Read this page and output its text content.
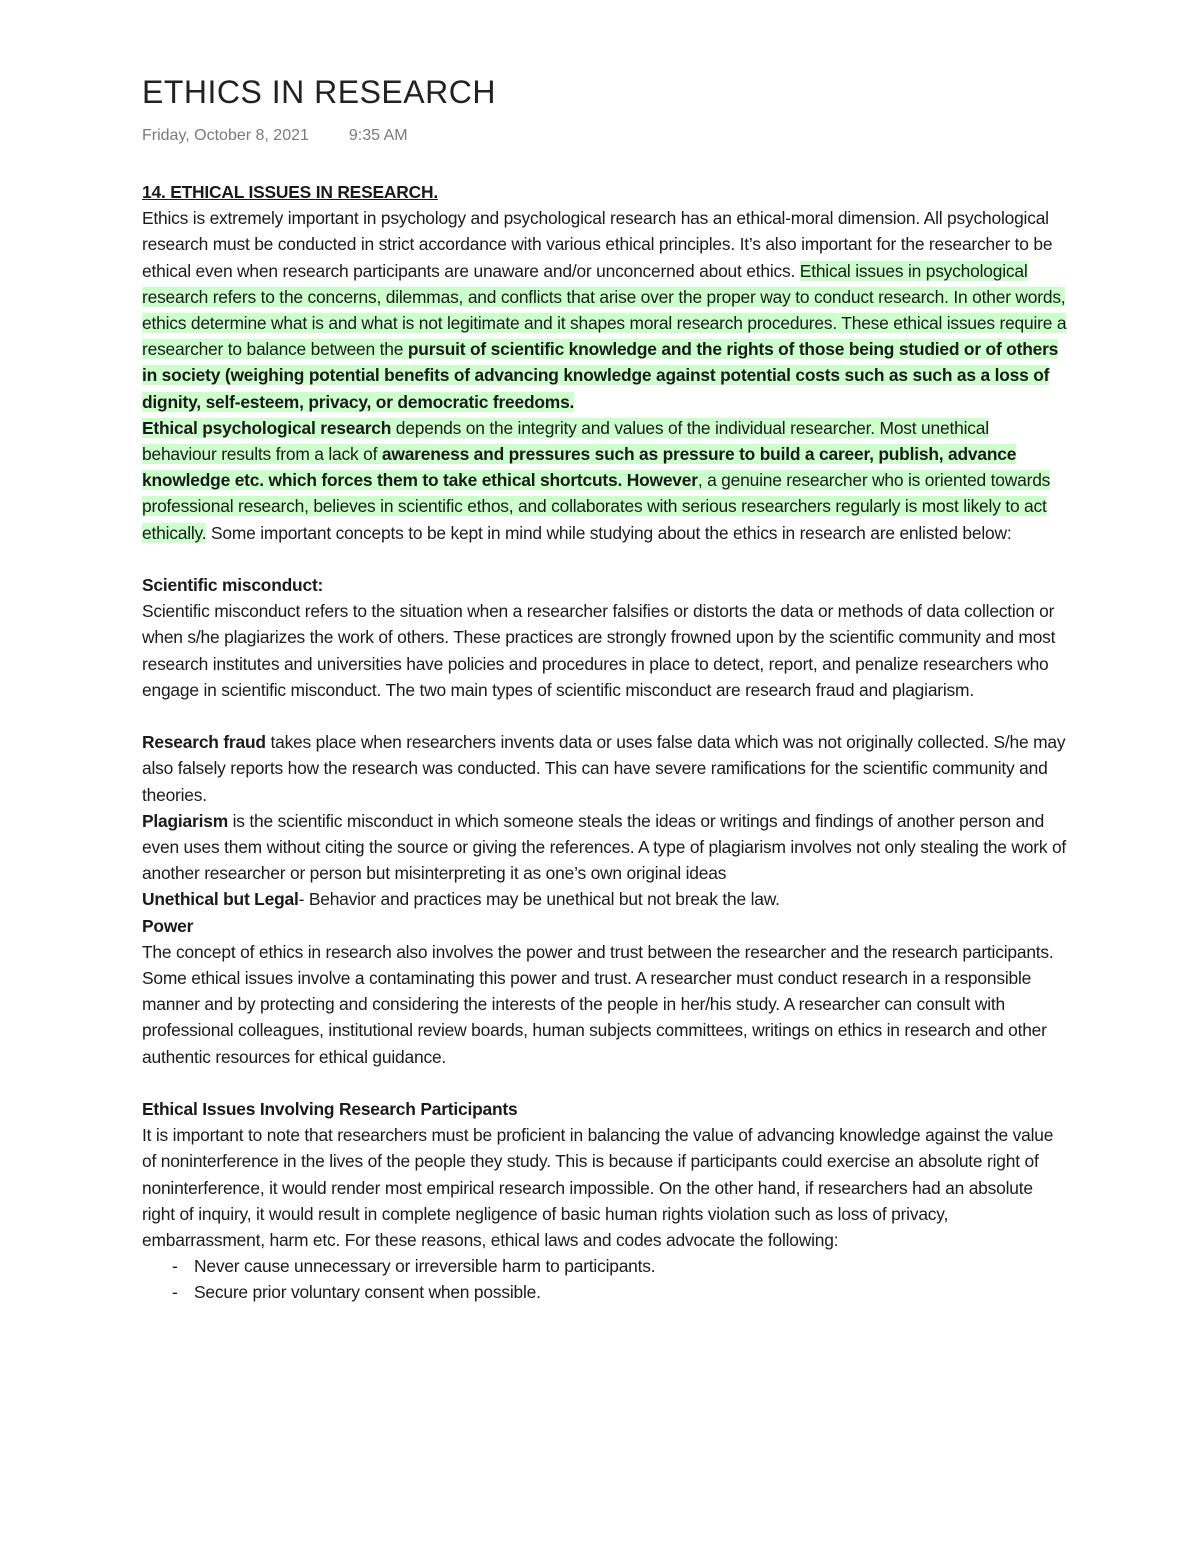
ETHICS IN RESEARCH
Friday, October 8, 2021	9:35 AM

14. ETHICAL ISSUES IN RESEARCH.

Ethics is extremely important in psychology and psychological research has an ethical-moral dimension. All psychological research must be conducted in strict accordance with various ethical principles. It’s also important for the researcher to be ethical even when research participants are unaware and/or unconcerned about ethics. Ethical issues in psychological research refers to the concerns, dilemmas, and conflicts that arise over the proper way to conduct research. In other words, ethics determine what is and what is not legitimate and it shapes moral research procedures. These ethical issues require a researcher to balance between the pursuit of scientific knowledge and the rights of those being studied or of others in society (weighing potential benefits of advancing knowledge against potential costs such as such as a loss of dignity, self-esteem, privacy, or democratic freedoms.

Ethical psychological research depends on the integrity and values of the individual researcher. Most unethical behaviour results from a lack of awareness and pressures such as pressure to build a career, publish, advance knowledge etc. which forces them to take ethical shortcuts. However, a genuine researcher who is oriented towards professional research, believes in scientific ethos, and collaborates with serious researchers regularly is most likely to act ethically. Some important concepts to be kept in mind while studying about the ethics in research are enlisted below:

Scientific misconduct:

Scientific misconduct refers to the situation when a researcher falsifies or distorts the data or methods of data collection or when s/he plagiarizes the work of others. These practices are strongly frowned upon by the scientific community and most research institutes and universities have policies and procedures in place to detect, report, and penalize researchers who engage in scientific misconduct. The two main types of scientific misconduct are research fraud and plagiarism.

Research fraud takes place when researchers invents data or uses false data which was not originally collected. S/he may also falsely reports how the research was conducted. This can have severe ramifications for the scientific community and theories.

Plagiarism is the scientific misconduct in which someone steals the ideas or writings and findings of another person and even uses them without citing the source or giving the references. A type of plagiarism involves not only stealing the work of another researcher or person but misinterpreting it as one’s own original ideas

Unethical but Legal- Behavior and practices may be unethical but not break the law.

Power

The concept of ethics in research also involves the power and trust between the researcher and the research participants. Some ethical issues involve a contaminating this power and trust. A researcher must conduct research in a responsible manner and by protecting and considering the interests of the people in her/his study. A researcher can consult with professional colleagues, institutional review boards, human subjects committees, writings on ethics in research and other authentic resources for ethical guidance.

Ethical Issues Involving Research Participants

It is important to note that researchers must be proficient in balancing the value of advancing knowledge against the value of noninterference in the lives of the people they study. This is because if participants could exercise an absolute right of noninterference, it would render most empirical research impossible. On the other hand, if researchers had an absolute right of inquiry, it would result in complete negligence of basic human rights violation such as loss of privacy, embarrassment, harm etc. For these reasons, ethical laws and codes advocate the following:

- Never cause unnecessary or irreversible harm to participants.
- Secure prior voluntary consent when possible.
